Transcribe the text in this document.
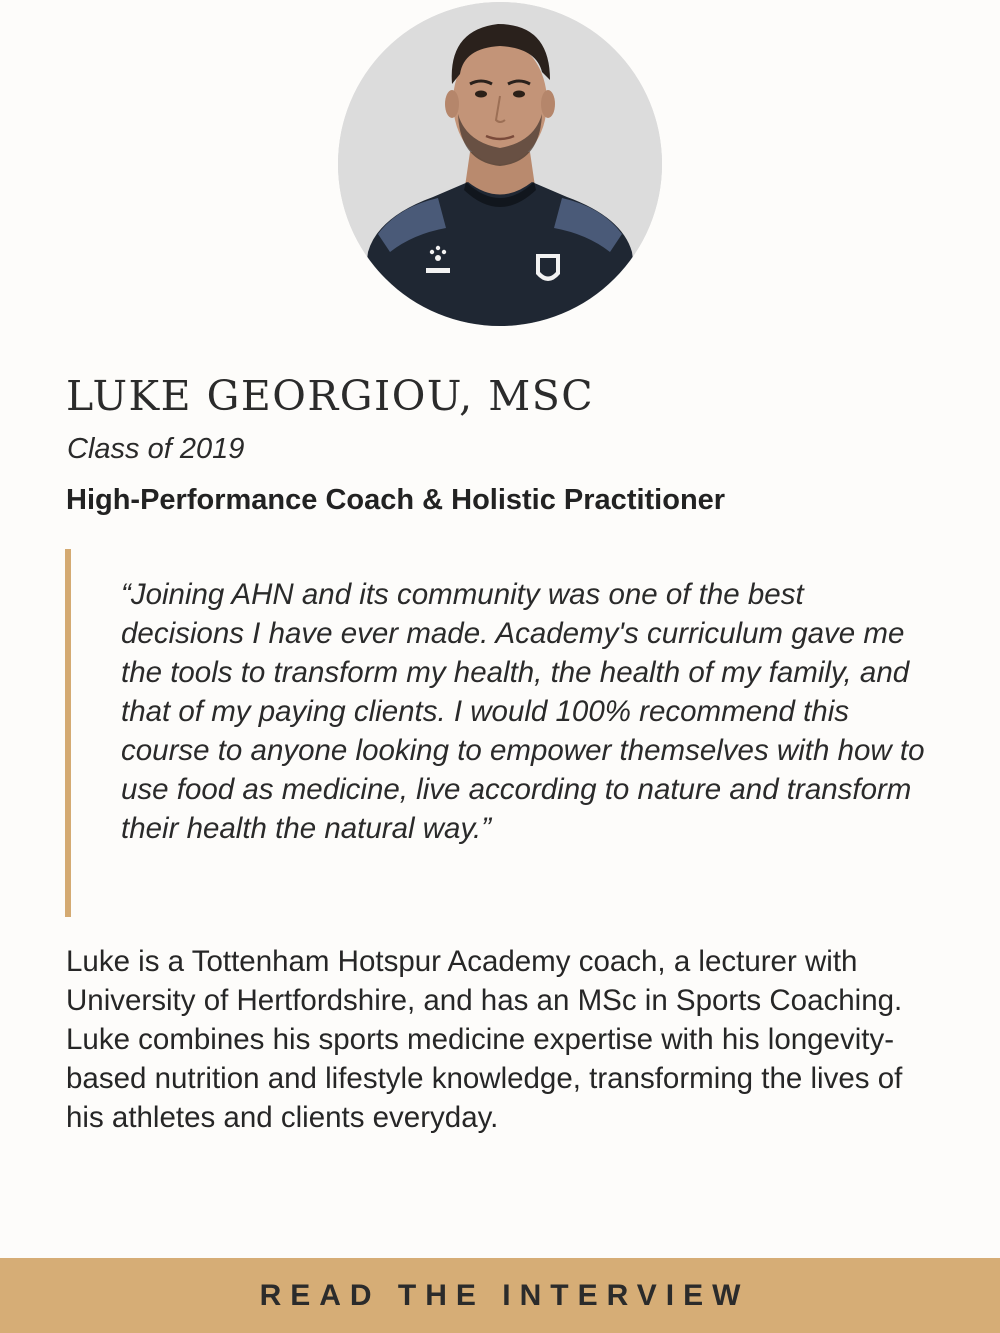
LUKE GEORGIOU, MSC

Class of 2019

High-Performance Coach & Holistic Practitioner

“Joining AHN and its community was one of the best decisions I have ever made. Academy's curriculum gave me the tools to transform my health, the health of my family, and that of my paying clients. I would 100% recommend this course to anyone looking to empower themselves with how to use food as medicine, live according to nature and transform their health the natural way.”

Luke is a Tottenham Hotspur Academy coach, a lecturer with University of Hertfordshire, and has an MSc in Sports Coaching. Luke combines his sports medicine expertise with his longevity-based nutrition and lifestyle knowledge, transforming the lives of his athletes and clients everyday.

READ THE INTERVIEW
